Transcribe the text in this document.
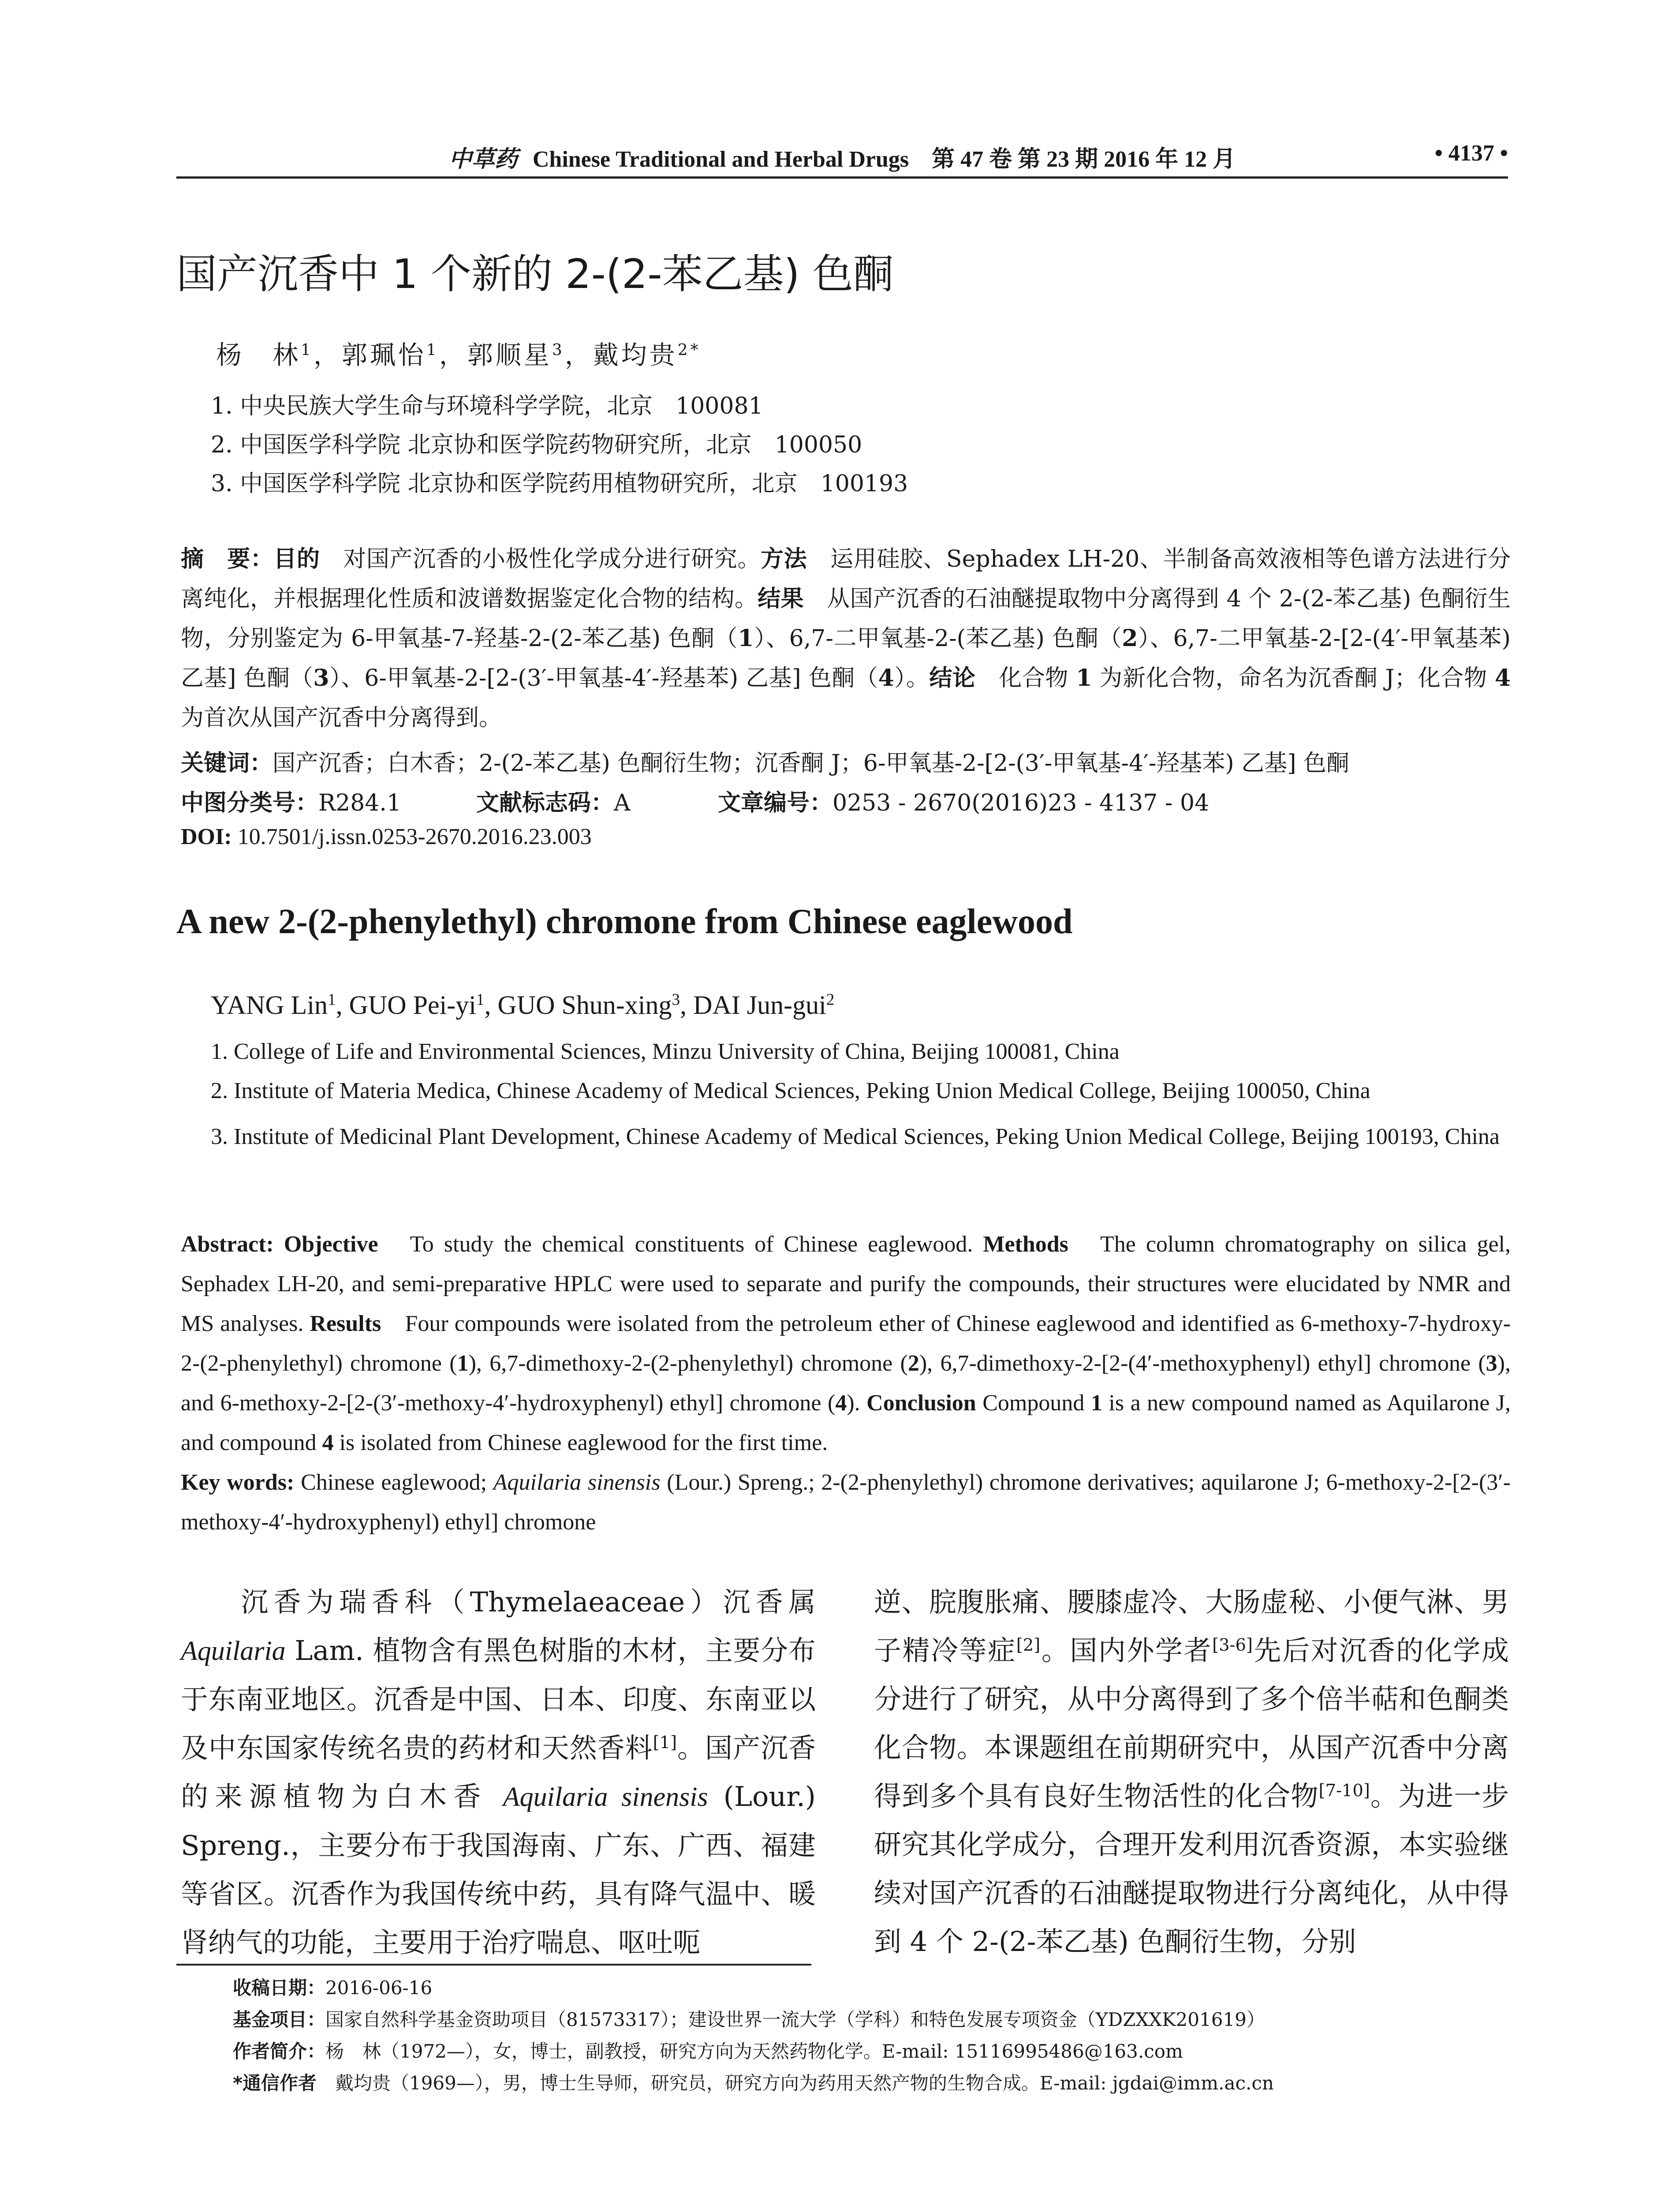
中草药 Chinese Traditional and Herbal Drugs　第 47 卷 第 23 期 2016 年 12 月	• 4137 •
国产沉香中 1 个新的 2-(2-苯乙基) 色酮
杨　林$^1$，郭珮怡$^1$，郭顺星$^3$，戴均贵$^{2*}$
1. 中央民族大学生命与环境科学学院，北京　100081
2. 中国医学科学院 北京协和医学院药物研究所，北京　100050
3. 中国医学科学院 北京协和医学院药用植物研究所，北京　100193
摘　要：目的　 对国产沉香的小极性化学成分进行研究。方法　 运用硅胶、Sephadex LH-20、半制备高效液相等色谱方法进行分离纯化，并根据理化性质和波谱数据鉴定化合物的结构。结果　 从国产沉香的石油醚提取物中分离得到 4 个 2-(2-苯乙基) 色酮衍生物，分别鉴定为 6-甲氧基-7-羟基-2-(2-苯乙基) 色酮（1）、6,7-二甲氧基-2-(苯乙基) 色酮（2）、6,7-二甲氧基-2-[2-(4′-甲氧基苯) 乙基] 色酮（3）、6-甲氧基-2-[2-(3′-甲氧基-4′-羟基苯) 乙基] 色酮（4）。结论　 化合物 1 为新化合物，命名为沉香酮 J；化合物 4 为首次从国产沉香中分离得到。
关键词：国产沉香；白木香；2-(2-苯乙基) 色酮衍生物；沉香酮 J；6-甲氧基-2-[2-(3′-甲氧基-4′-羟基苯) 乙基] 色酮
中图分类号：R284.1	文献标志码：A	文章编号：0253 - 2670(2016)23 - 4137 - 04
DOI: 10.7501/j.issn.0253-2670.2016.23.003
A new 2-(2-phenylethyl) chromone from Chinese eaglewood
YANG Lin$^1$, GUO Pei-$yi^1$, GUO Shun-xing$^3$, DAI Jun-gui$^2$
1. College of Life and Environmental Sciences, Minzu University of China, Beijing 100081, China
2. Institute of Materia Medica, Chinese Academy of Medical Sciences, Peking Union Medical College, Beijing 100050, China
3. Institute of Medicinal Plant Development, Chinese Academy of Medical Sciences, Peking Union Medical College, Beijing 100193, China
Abstract: Objective　 To study the chemical constituents of Chinese eaglewood. Methods　 The column chromatography on silica gel, Sephadex LH-20, and semi-preparative HPLC were used to separate and purify the compounds, their structures were elucidated by NMR and MS analyses. Results　 Four compounds were isolated from the petroleum ether of Chinese eaglewood and identified as 6-methoxy-7-hydroxy-2-(2-phenylethyl) chromone (1), 6,7-dimethoxy-2-(2-phenylethyl) chromone (2), 6,7-dimethoxy-2-[2-(4′-methoxyphenyl) ethyl] chromone (3), and 6-methoxy-2-[2-(3′-methoxy-4′-hydroxyphenyl) ethyl] chromone (4). Conclusion Compound 1 is a new compound named as Aquilarone J, and compound 4 is isolated from Chinese eaglewood for the first time.
Key words: Chinese eaglewood; Aquilaria sinensis (Lour.) Spreng.; 2-(2-phenylethyl) chromone derivatives; aquilarone J; 6-methoxy-2-[2-(3′-methoxy-4′-hydroxyphenyl) ethyl] chromone
沉香为瑞香科（Thymelaeaceae）沉香属 Aquilaria Lam. 植物含有黑色树脂的木材，主要分布于东南亚地区。沉香是中国、日本、印度、东南亚以及中东国家传统名贵的药材和天然香料[1]。国产沉香的来源植物为白木香 Aquilaria sinensis (Lour.) Spreng.，主要分布于我国海南、广东、广西、福建等省区。沉香作为我国传统中药，具有降气温中、暖肾纳气的功能，主要用于治疗喘息、呕吐呃
逆、脘腹胀痛、腰膝虚冷、大肠虚秘、小便气淋、男子精冷等症[2]。国内外学者[3-6]先后对沉香的化学成分进行了研究，从中分离得到了多个倍半萜和色酮类化合物。本课题组在前期研究中，从国产沉香中分离得到多个具有良好生物活性的化合物[7-10]。为进一步研究其化学成分，合理开发利用沉香资源，本实验继续对国产沉香的石油醚提取物进行分离纯化，从中得到 4 个 2-(2-苯乙基) 色酮衍生物，分别
收稿日期：2016-06-16
基金项目：国家自然科学基金资助项目（81573317）；建设世界一流大学（学科）和特色发展专项资金（YDZXXK201619）
作者简介：杨　林（1972—），女，博士，副教授，研究方向为天然药物化学。E-mail: 15116995486@163.com
*通信作者　 戴均贵（1969—），男，博士生导师，研究员，研究方向为药用天然产物的生物合成。E-mail: jgdai@imm.ac.cn
